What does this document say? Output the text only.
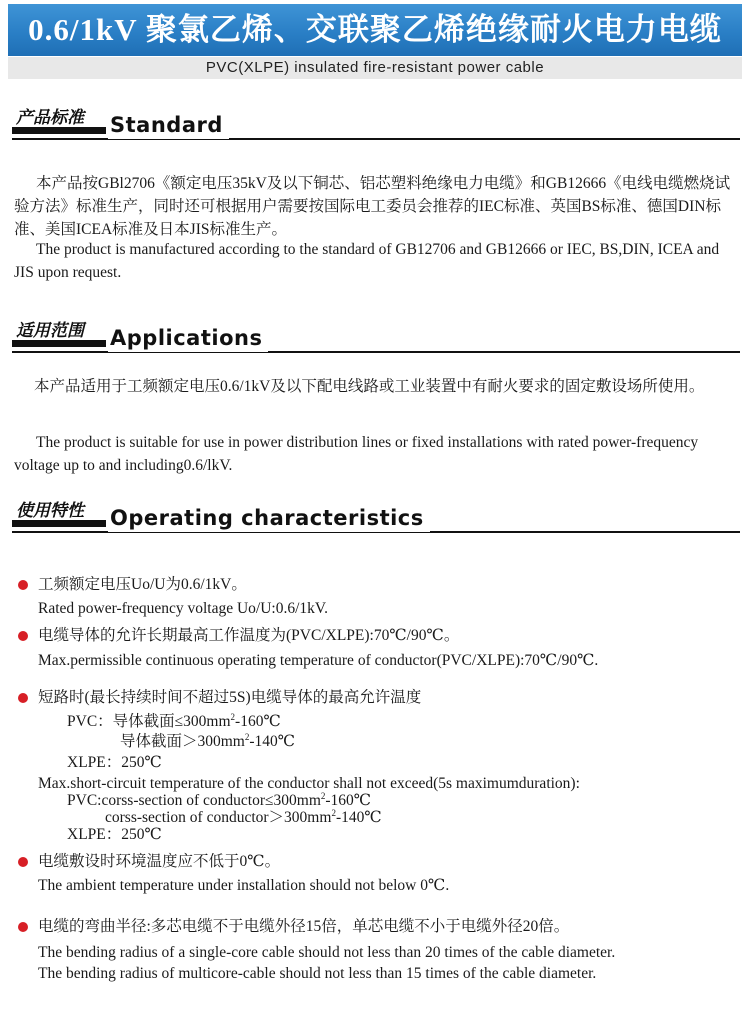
0.6/1kV 聚氯乙烯、交联聚乙烯绝缘耐火电力电缆
PVC(XLPE) insulated fire-resistant power cable
产品标准 Standard
本产品按GBl2706《额定电压35kV及以下铜芯、铝芯塑料绝缘电力电缆》和GB12666《电线电缆燃烧试验方法》标准生产，同时还可根据用户需要按国际电工委员会推荐的IEC标准、英国BS标准、德国DIN标准、美国ICEA标准及日本JIS标准生产。
The product is manufactured according to the standard of GB12706 and GB12666 or IEC, BS,DIN, ICEA and JIS upon request.
适用范围 Applications
本产品适用于工频额定电压0.6/1kV及以下配电线路或工业装置中有耐火要求的固定敷设场所使用。
The product is suitable for use in power distribution lines or fixed installations with rated power-frequency voltage up to and including0.6/lkV.
使用特性 Operating characteristics
工频额定电压Uo/U为0.6/1kV。
Rated power-frequency voltage Uo/U:0.6/1kV.
电缆导体的允许长期最高工作温度为(PVC/XLPE):70℃/90℃。
Max.permissible continuous operating temperature of conductor(PVC/XLPE):70℃/90℃.
短路时(最长持续时间不超过5S)电缆导体的最高允许温度
PVC：导体截面$\le 300mm^2-160℃$
导体截面$>300mm^2-140℃$
XLPE：250℃
Max.short-circuit temperature of the conductor shall not exceed(5s maximumduration):
PVC:corss-section of $conductor\le 300mm^2-160℃$
corss-section of $conductor>300mm^2-140℃$
XLPE：250℃
电缆敷设时环境温度应不低于0℃。
The ambient temperature under installation should not below 0℃.
电缆的弯曲半径:多芯电缆不于电缆外径15倍，单芯电缆不小于电缆外径20倍。
The bending radius of a single-core cable should not less than 20 times of the cable diameter.
The bending radius of multicore-cable should not less than 15 times of the cable diameter.
